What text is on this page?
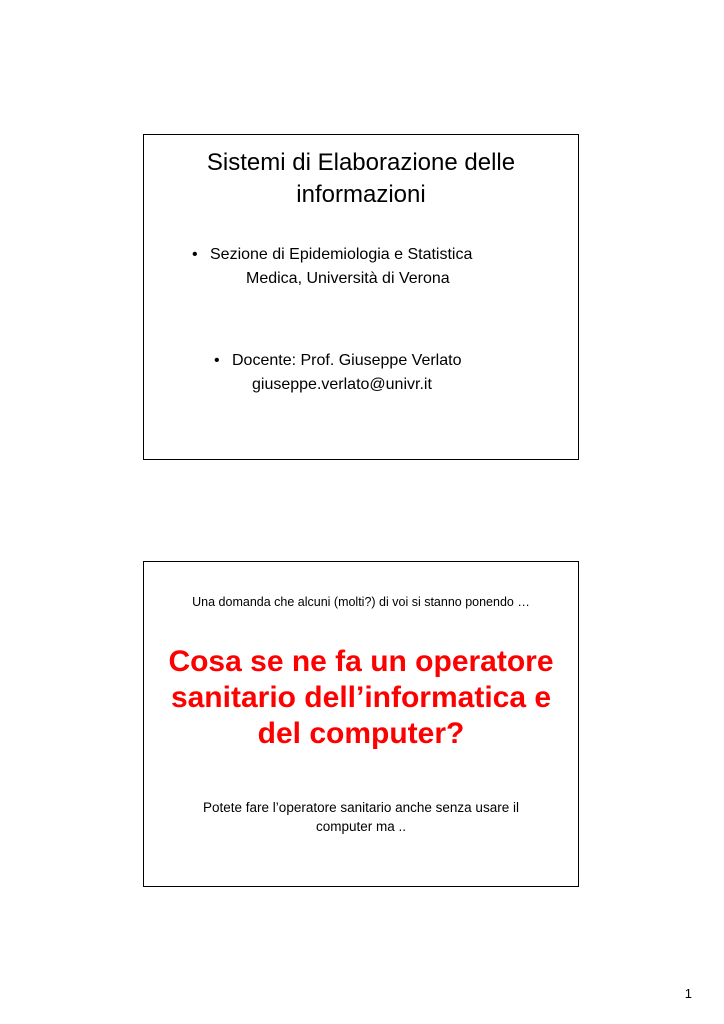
Sistemi di Elaborazione delle
informazioni
• Sezione di Epidemiologia e Statistica
Medica, Università di Verona
• Docente: Prof. Giuseppe Verlato
giuseppe.verlato@univr.it
Una domanda che alcuni (molti?) di voi si stanno ponendo …
Cosa se ne fa un operatore
sanitario dell’informatica e
del computer?
Potete fare l’operatore sanitario anche senza usare il
computer ma ..
1
